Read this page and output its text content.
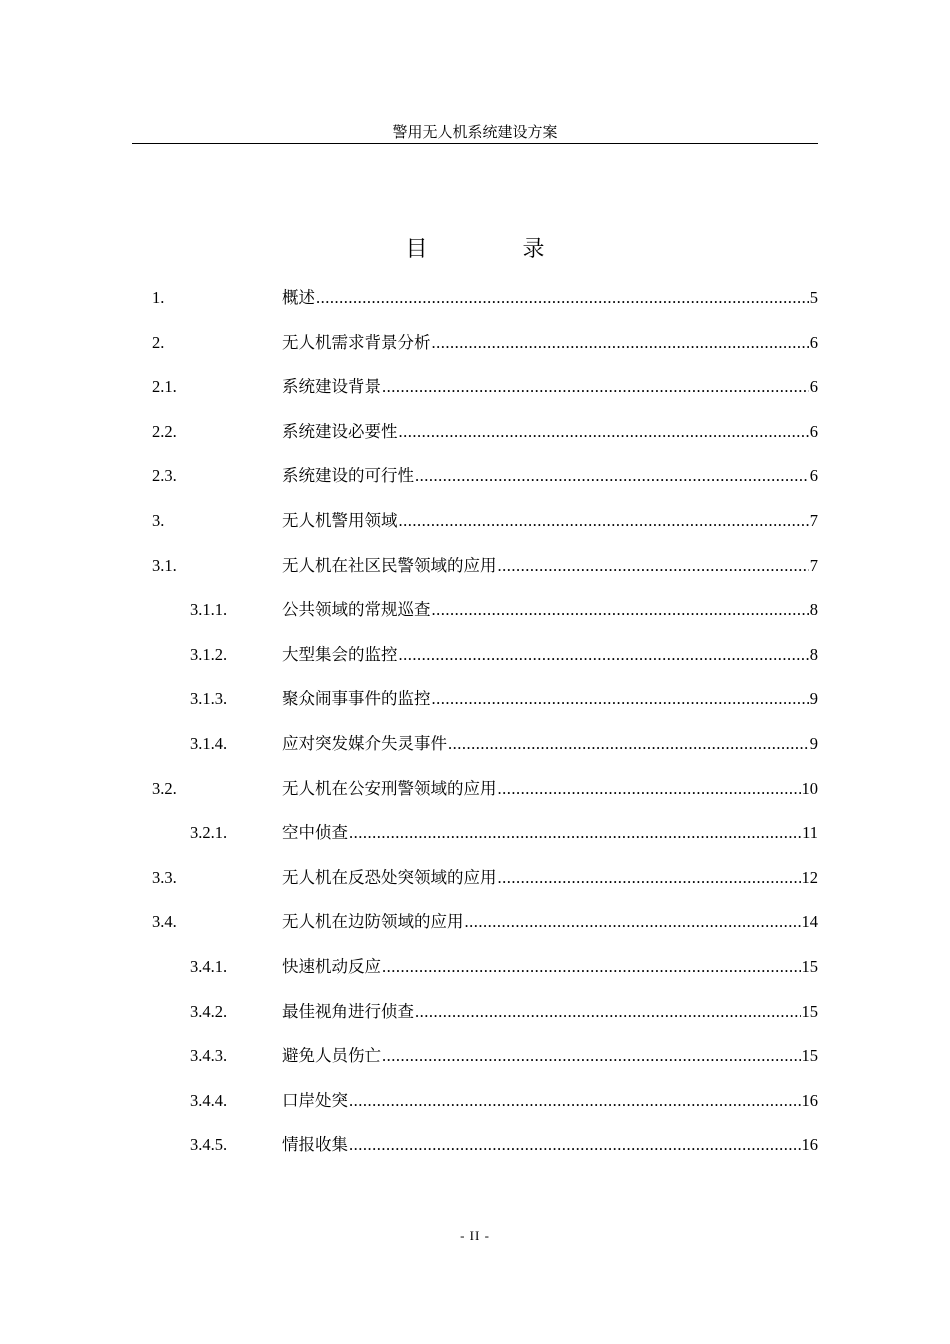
警用无人机系统建设方案
目 录
1.	概述 .....	5
2.	无人机需求背景分析 .....	6
2.1.	系统建设背景 .....	6
2.2.	系统建设必要性 .....	6
2.3.	系统建设的可行性 .....	6
3.	无人机警用领域 .....	7
3.1.	无人机在社区民警领域的应用 .....	7
3.1.1.	公共领域的常规巡查 .....	8
3.1.2.	大型集会的监控 .....	8
3.1.3.	聚众闹事事件的监控 .....	9
3.1.4.	应对突发媒介失灵事件 .....	9
3.2.	无人机在公安刑警领域的应用 .....	10
3.2.1.	空中侦查 .....	11
3.3.	无人机在反恐处突领域的应用 .....	12
3.4.	无人机在边防领域的应用 .....	14
3.4.1.	快速机动反应 .....	15
3.4.2.	最佳视角进行侦查 .....	15
3.4.3.	避免人员伤亡 .....	15
3.4.4.	口岸处突 .....	16
3.4.5.	情报收集 .....	16
- II -
